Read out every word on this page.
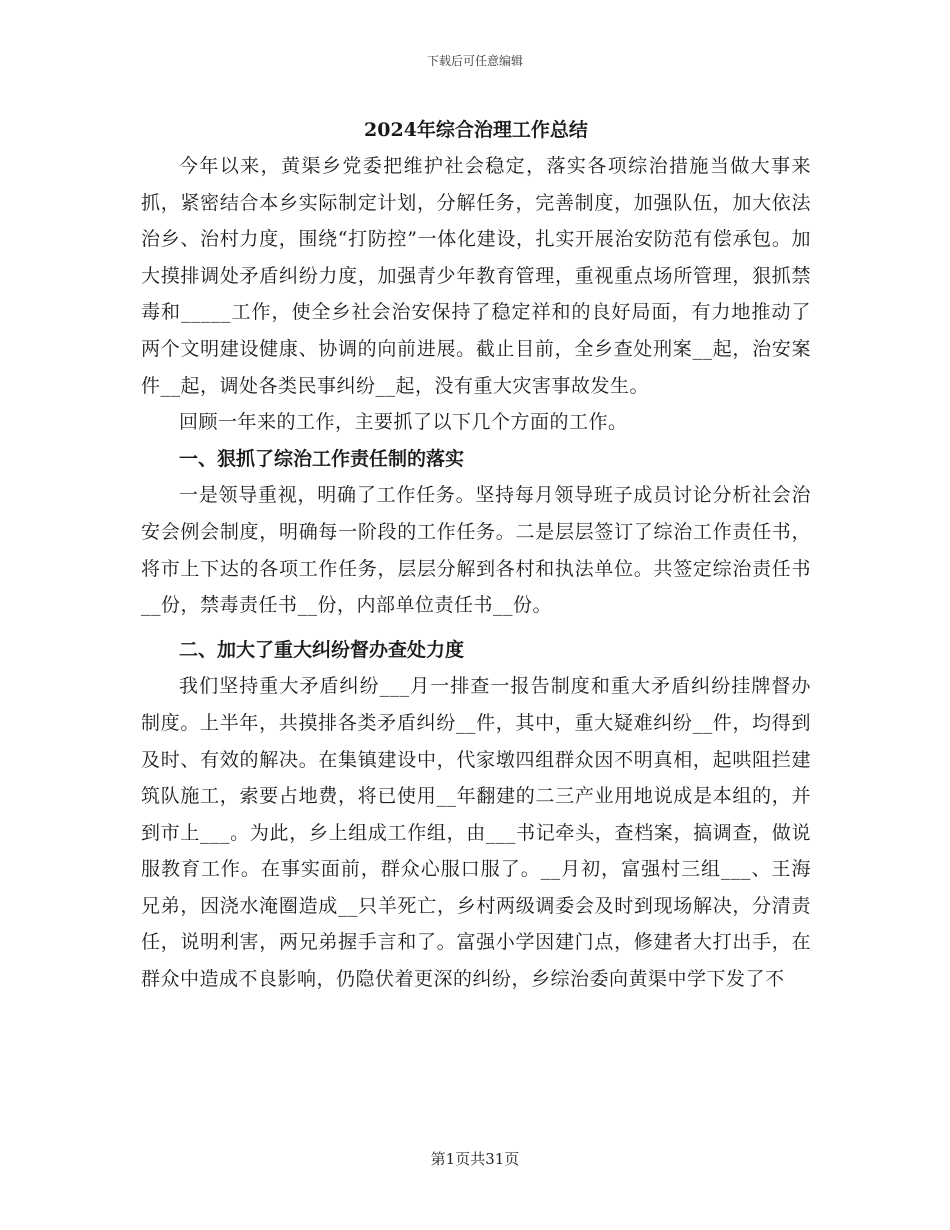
下载后可任意编辑
2024年综合治理工作总结

今年以来，黄渠乡党委把维护社会稳定，落实各项综治措施当做大事来抓，紧密结合本乡实际制定计划，分解任务，完善制度，加强队伍，加大依法治乡、治村力度，围绕“打防控”一体化建设，扎实开展治安防范有偿承包。加大摸排调处矛盾纠纷力度，加强青少年教育管理，重视重点场所管理，狠抓禁毒和_____工作，使全乡社会治安保持了稳定祥和的良好局面，有力地推动了两个文明建设健康、协调的向前进展。截止目前，全乡查处刑案__起，治安案件__起，调处各类民事纠纷__起，没有重大灾害事故发生。

回顾一年来的工作，主要抓了以下几个方面的工作。

一、狠抓了综治工作责任制的落实

一是领导重视，明确了工作任务。坚持每月领导班子成员讨论分析社会治安会例会制度，明确每一阶段的工作任务。二是层层签订了综治工作责任书，将市上下达的各项工作任务，层层分解到各村和执法单位。共签定综治责任书__份，禁毒责任书__份，内部单位责任书__份。

二、加大了重大纠纷督办查处力度

我们坚持重大矛盾纠纷___月一排查一报告制度和重大矛盾纠纷挂牌督办制度。上半年，共摸排各类矛盾纠纷__件，其中，重大疑难纠纷__件，均得到及时、有效的解决。在集镇建设中，代家墩四组群众因不明真相，起哄阻拦建筑队施工，索要占地费，将已使用__年翻建的二三产业用地说成是本组的，并到市上___。为此，乡上组成工作组，由___书记牵头，查档案，搞调查，做说服教育工作。在事实面前，群众心服口服了。__月初，富强村三组___、王海兄弟，因浇水淹圈造成__只羊死亡，乡村两级调委会及时到现场解决，分清责任，说明利害，两兄弟握手言和了。富强小学因建门点，修建者大打出手，在群众中造成不良影响，仍隐伏着更深的纠纷，乡综治委向黄渠中学下发了不

第1页共31页
